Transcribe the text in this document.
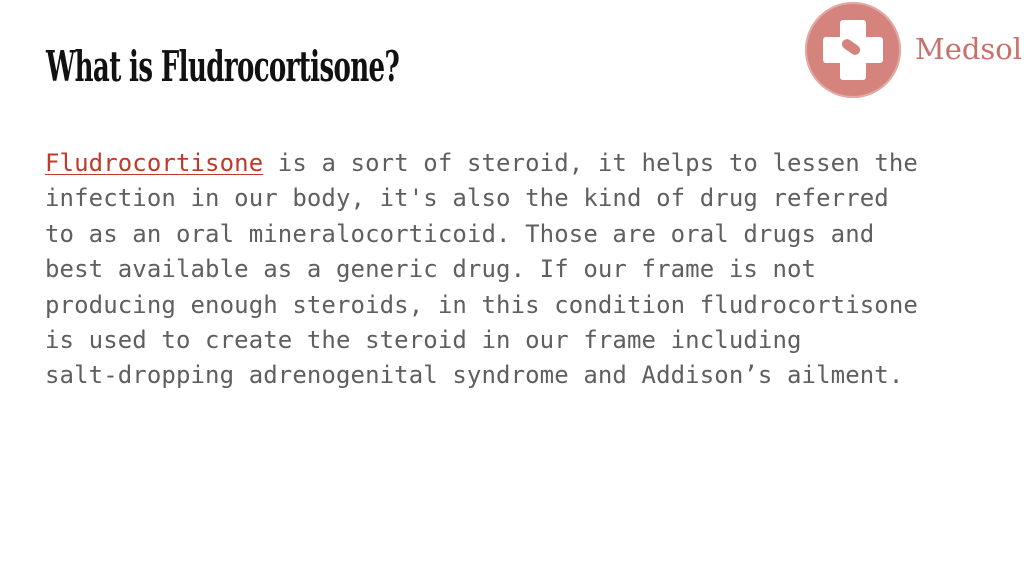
What is Fludrocortisone?	Medsol

Fludrocortisone is a sort of steroid, it helps to lessen the
infection in our body, it's also the kind of drug referred
to as an oral mineralocorticoid. Those are oral drugs and
best available as a generic drug. If our frame is not
producing enough steroids, in this condition fludrocortisone
is used to create the steroid in our frame including
salt-dropping adrenogenital syndrome and Addison’s ailment.
